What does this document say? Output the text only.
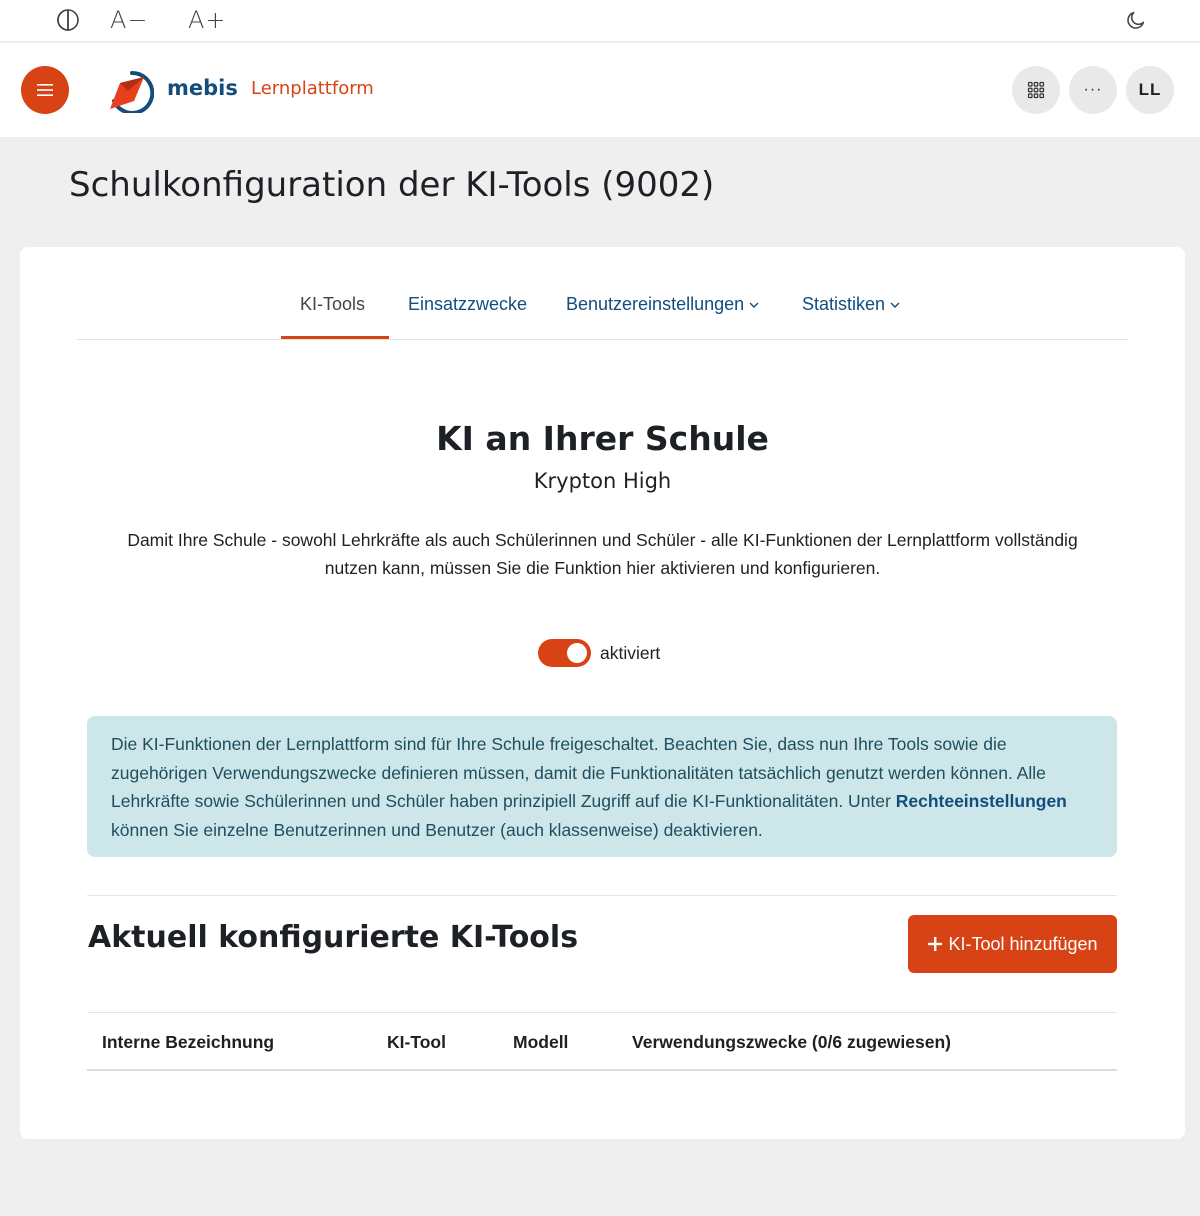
A− A+
mebis Lernplattform	··· LL
Schulkonfiguration der KI-Tools (9002)
KI-Tools Einsatzzwecke Benutzereinstellungen	Statistiken
KI an Ihrer Schule
Krypton High

Damit Ihre Schule - sowohl Lehrkräfte als auch Schülerinnen und Schüler - alle KI-Funktionen der Lernplattform vollständig nutzen kann, müssen Sie die Funktion hier aktivieren und konfigurieren.

aktiviert
Die KI-Funktionen der Lernplattform sind für Ihre Schule freigeschaltet. Beachten Sie, dass nun Ihre Tools sowie die zugehörigen Verwendungszwecke definieren müssen, damit die Funktionalitäten tatsächlich genutzt werden können. Alle Lehrkräfte sowie Schülerinnen und Schüler haben prinzipiell Zugriff auf die KI-Funktionalitäten. Unter Rechteeinstellungen können Sie einzelne Benutzerinnen und Benutzer (auch klassenweise) deaktivieren.
Aktuell konfigurierte KI-Tools	KI-Tool hinzufügen
Interne Bezeichnung	KI-Tool	Modell	Verwendungszwecke (0/6 zugewiesen)
